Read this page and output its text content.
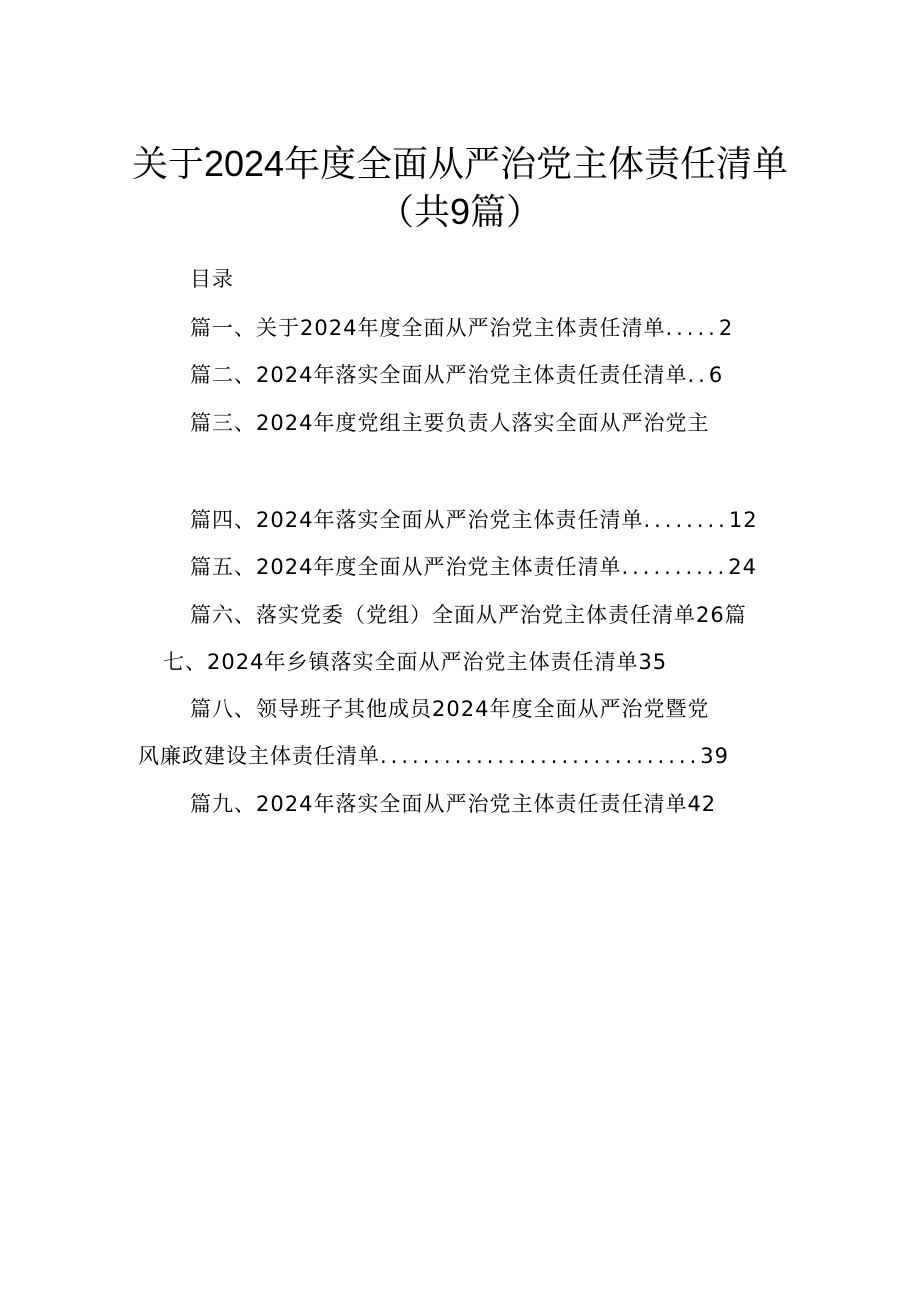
关于2024年度全面从严治党主体责任清单
（共9篇）
目录
篇一、关于2024年度全面从严治党主体责任清单.....2
篇二、2024年落实全面从严治党主体责任责任清单..6
篇三、2024年度党组主要负责人落实全面从严治党主
篇四、2024年落实全面从严治党主体责任清单........12
篇五、2024年度全面从严治党主体责任清单..........24
篇六、落实党委（党组）全面从严治党主体责任清单26篇
七、2024年乡镇落实全面从严治党主体责任清单35
篇八、领导班子其他成员2024年度全面从严治党暨党
风廉政建设主体责任清单..............................39
篇九、2024年落实全面从严治党主体责任责任清单42
